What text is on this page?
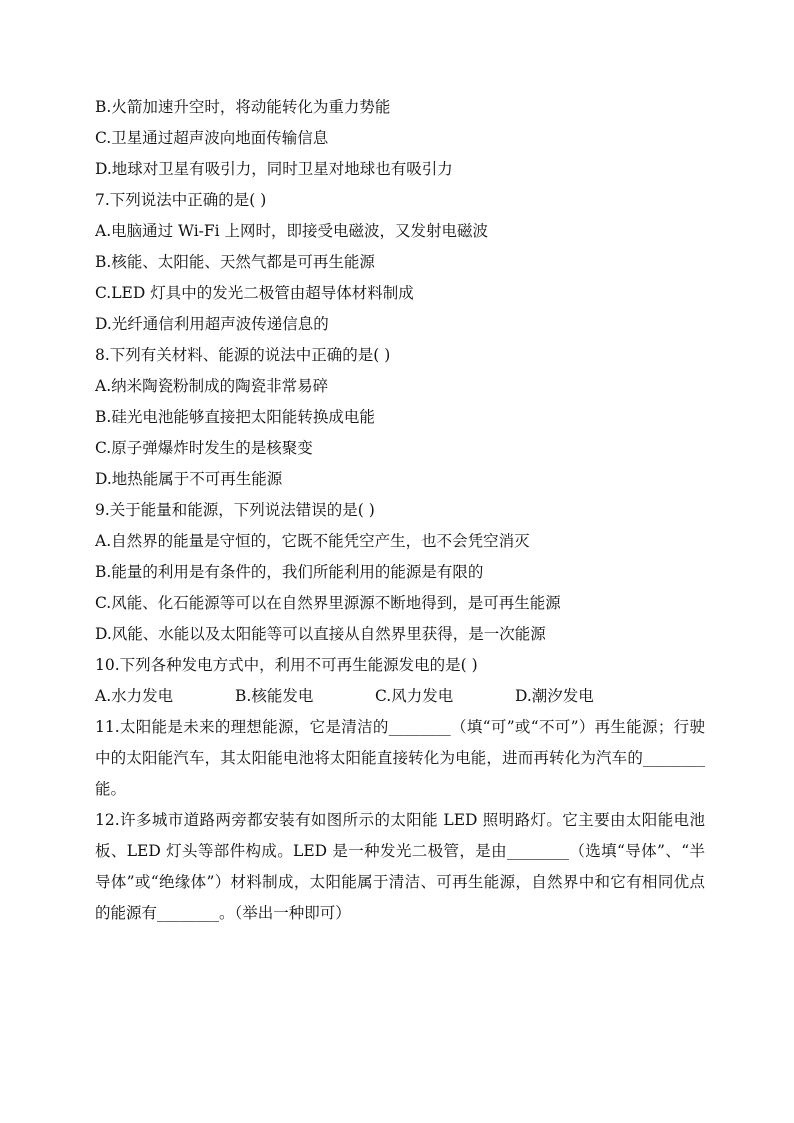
B.火箭加速升空时，将动能转化为重力势能
C.卫星通过超声波向地面传输信息
D.地球对卫星有吸引力，同时卫星对地球也有吸引力
7.下列说法中正确的是( )
A.电脑通过 Wi-Fi 上网时，即接受电磁波，又发射电磁波
B.核能、太阳能、天然气都是可再生能源
C.LED 灯具中的发光二极管由超导体材料制成
D.光纤通信利用超声波传递信息的
8.下列有关材料、能源的说法中正确的是( )
A.纳米陶瓷粉制成的陶瓷非常易碎
B.硅光电池能够直接把太阳能转换成电能
C.原子弹爆炸时发生的是核聚变
D.地热能属于不可再生能源
9.关于能量和能源，下列说法错误的是( )
A.自然界的能量是守恒的，它既不能凭空产生，也不会凭空消灭
B.能量的利用是有条件的，我们所能利用的能源是有限的
C.风能、化石能源等可以在自然界里源源不断地得到，是可再生能源
D.风能、水能以及太阳能等可以直接从自然界里获得，是一次能源
10.下列各种发电方式中，利用不可再生能源发电的是( )
A.水力发电	B.核能发电	C.风力发电	D.潮汐发电
11.太阳能是未来的理想能源，它是清洁的________（填“可”或“不可”）再生能源；行驶中的太阳能汽车，其太阳能电池将太阳能直接转化为电能，进而再转化为汽车的________能。
12.许多城市道路两旁都安装有如图所示的太阳能 LED 照明路灯。它主要由太阳能电池板、LED 灯头等部件构成。LED 是一种发光二极管，是由________（选填“导体”、“半导体”或“绝缘体”）材料制成，太阳能属于清洁、可再生能源，自然界中和它有相同优点的能源有________。（举出一种即可）
